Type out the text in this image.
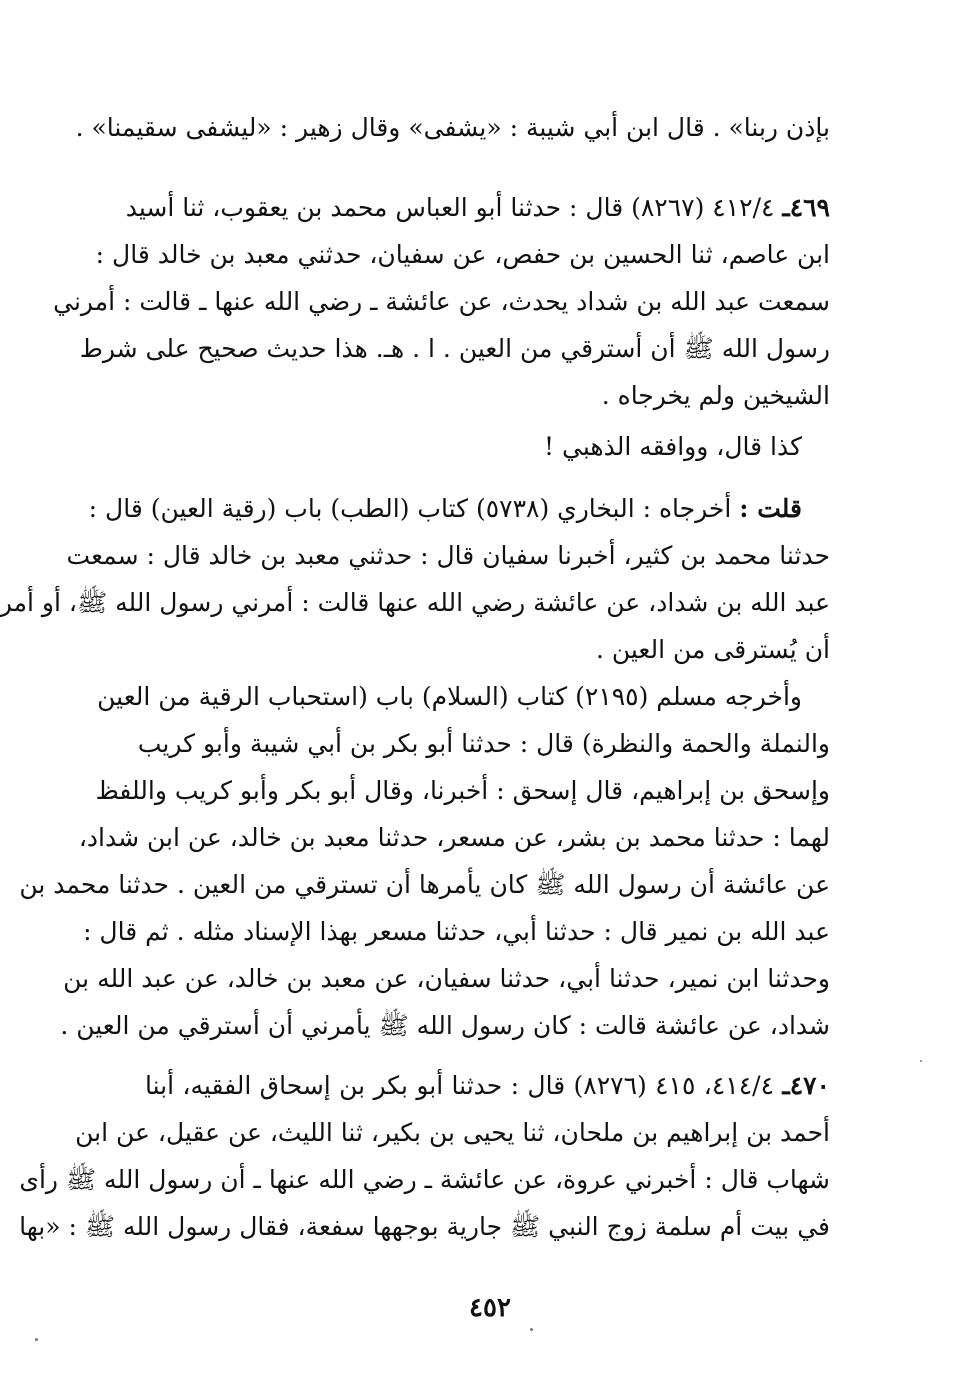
بإذن ربنا» . قال ابن أبي شيبة : «يشفى» وقال زهير : «ليشفى سقيمنا» .
٤٦٩ـ ٤١٢/٤ (٨٢٦٧) قال : حدثنا أبو العباس محمد بن يعقوب، ثنا أسيد
ابن عاصم، ثنا الحسين بن حفص، عن سفيان، حدثني معبد بن خالد قال :
سمعت عبد الله بن شداد يحدث، عن عائشة ـ رضي الله عنها ـ قالت : أمرني
رسول الله ﷺ أن أسترقي من العين . ا . هـ. هذا حديث صحيح على شرط
الشيخين ولم يخرجاه .
كذا قال، ووافقه الذهبي !
قلت : أخرجاه : البخاري (٥٧٣٨) كتاب (الطب) باب (رقية العين) قال :
حدثنا محمد بن كثير، أخبرنا سفيان قال : حدثني معبد بن خالد قال : سمعت
عبد الله بن شداد، عن عائشة رضي الله عنها قالت : أمرني رسول الله ﷺ، أو أمر
أن يُسترقى من العين .
وأخرجه مسلم (٢١٩٥) كتاب (السلام) باب (استحباب الرقية من العين
والنملة والحمة والنظرة) قال : حدثنا أبو بكر بن أبي شيبة وأبو كريب
وإسحق بن إبراهيم، قال إسحق : أخبرنا، وقال أبو بكر وأبو كريب واللفظ
لهما : حدثنا محمد بن بشر، عن مسعر، حدثنا معبد بن خالد، عن ابن شداد،
عن عائشة أن رسول الله ﷺ كان يأمرها أن تسترقي من العين . حدثنا محمد بن
عبد الله بن نمير قال : حدثنا أبي، حدثنا مسعر بهذا الإسناد مثله . ثم قال :
وحدثنا ابن نمير، حدثنا أبي، حدثنا سفيان، عن معبد بن خالد، عن عبد الله بن
شداد، عن عائشة قالت : كان رسول الله ﷺ يأمرني أن أسترقي من العين .
٤٧٠ـ ٤١٤/٤، ٤١٥ (٨٢٧٦) قال : حدثنا أبو بكر بن إسحاق الفقيه، أبنا
أحمد بن إبراهيم بن ملحان، ثنا يحيى بن بكير، ثنا الليث، عن عقيل، عن ابن
شهاب قال : أخبرني عروة، عن عائشة ـ رضي الله عنها ـ أن رسول الله ﷺ رأى
في بيت أم سلمة زوج النبي ﷺ جارية بوجهها سفعة، فقال رسول الله ﷺ : «بها
٤٥٢
